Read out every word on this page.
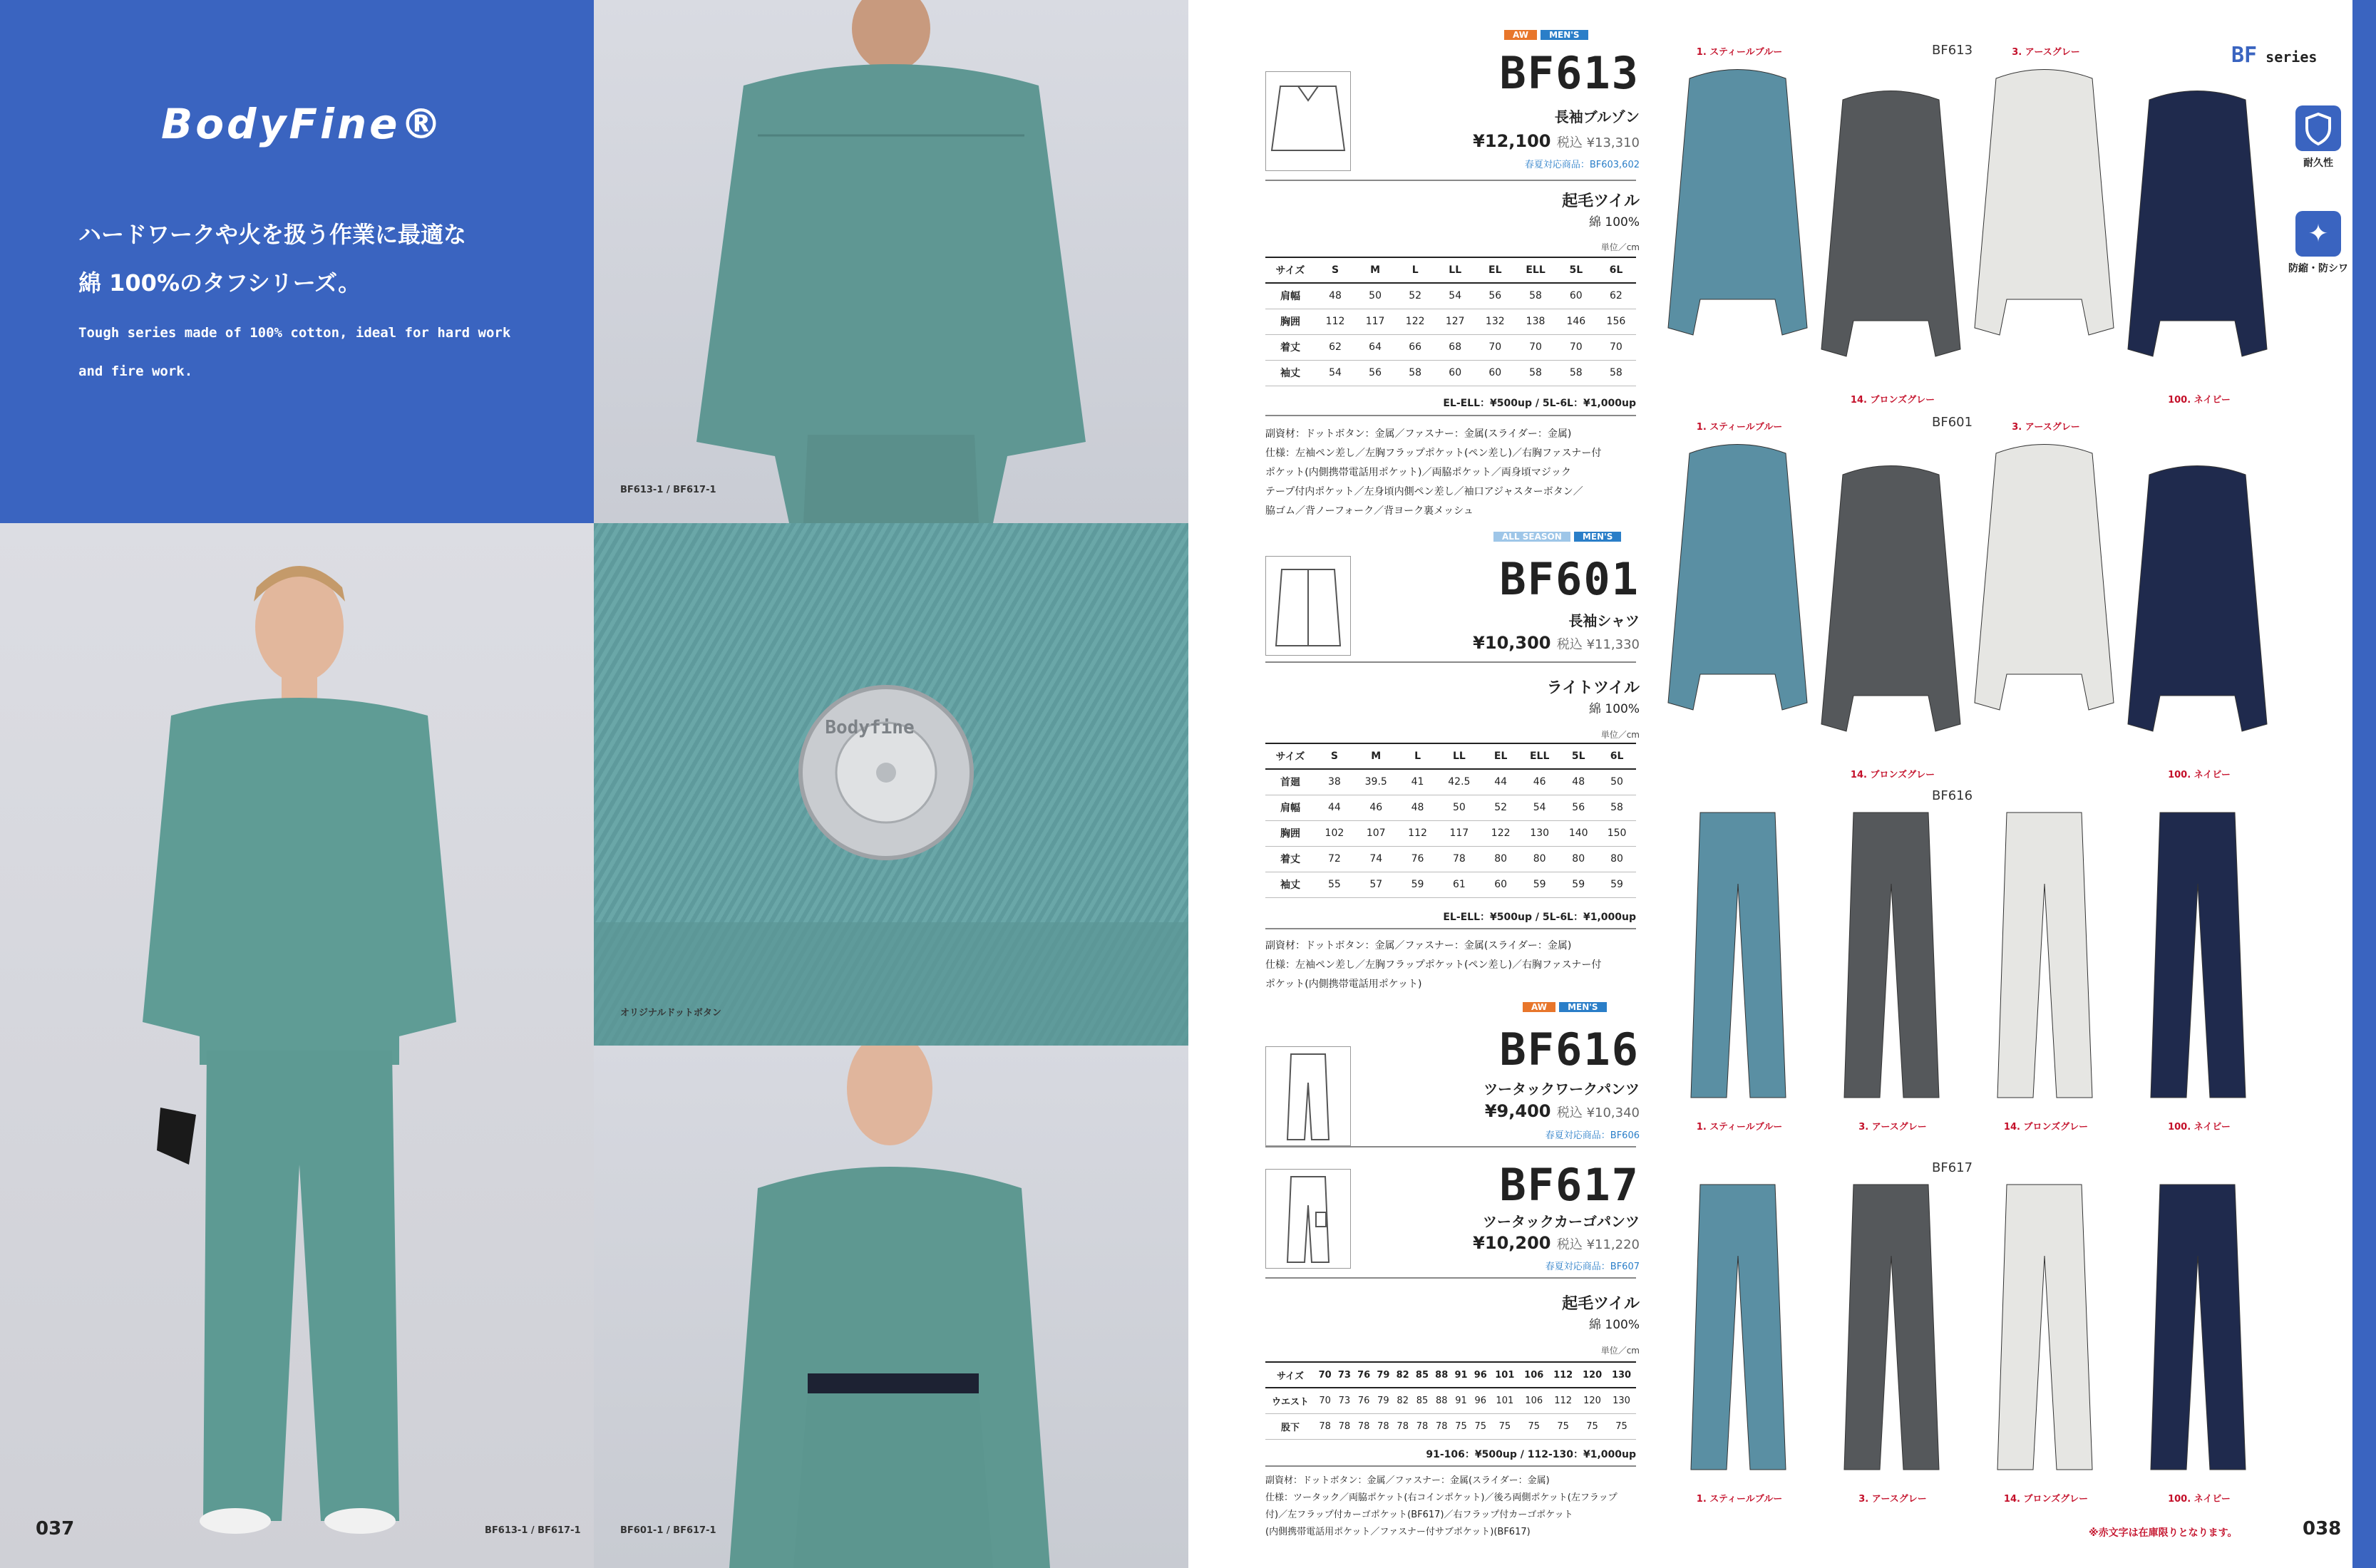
BodyFine®
ハードワークや火を扱う作業に最適な
綿 100%のタフシリーズ。
Tough series made of 100% cotton, ideal for hard work
and fire work.
BF613-1 / BF617-1
037	BF613-1 / BF617-1
Bodyfine
オリジナルドットボタン
BF601-1 / BF617-1
BF series
耐久性
✦
防縮・防シワ
AW MEN'S
BF613
長袖ブルゾン
¥12,100 税込 ¥13,310
春夏対応商品：BF603,602
起毛ツイル
綿 100%
単位／cm
サイズ	S	M	L	LL	EL	ELL	5L	6L
肩幅	48	50	52	54	56	58	60	62
胸囲	112	117	122	127	132	138	146	156
着丈	62	64	66	68	70	70	70	70
袖丈	54	56	58	60	60	58	58	58
EL-ELL：¥500up / 5L-6L：¥1,000up
副資材：ドットボタン：金属／ファスナー：金属(スライダー：金属)
仕様：左袖ペン差し／左胸フラップポケット(ペン差し)／右胸ファスナー付
ポケット(内側携帯電話用ポケット)／両脇ポケット／両身頃マジック
テープ付内ポケット／左身頃内側ペン差し／袖口アジャスターボタン／
脇ゴム／背ノーフォーク／背ヨーク裏メッシュ
ALL SEASON MEN'S
BF601
長袖シャツ
¥10,300 税込 ¥11,330
ライトツイル
綿 100%
単位／cm
サイズ	S	M	L	LL	EL	ELL	5L	6L
首廻	38	39.5	41	42.5	44	46	48	50
肩幅	44	46	48	50	52	54	56	58
胸囲	102	107	112	117	122	130	140	150
着丈	72	74	76	78	80	80	80	80
袖丈	55	57	59	61	60	59	59	59
EL-ELL：¥500up / 5L-6L：¥1,000up
副資材：ドットボタン：金属／ファスナー：金属(スライダー：金属)
仕様：左袖ペン差し／左胸フラップポケット(ペン差し)／右胸ファスナー付
ポケット(内側携帯電話用ポケット)
AW MEN'S
BF616
ツータックワークパンツ
¥9,400 税込 ¥10,340
春夏対応商品：BF606
BF617
ツータックカーゴパンツ
¥10,200 税込 ¥11,220
春夏対応商品：BF607
起毛ツイル
綿 100%
単位／cm
サイズ	70	73	76	79	82	85	88	91	96	101	106	112	120	130
ウエスト	70	73	76	79	82	85	88	91	96	101	106	112	120	130
股下	78	78	78	78	78	78	78	75	75	75	75	75	75	75
91-106：¥500up / 112-130：¥1,000up
副資材：ドットボタン：金属／ファスナー：金属(スライダー：金属)
仕様：ツータック／両脇ポケット(右コインポケット)／後ろ両側ポケット(左フラップ
付)／左フラップ付カーゴポケット(BF617)／右フラップ付カーゴポケット
(内側携帯電話用ポケット／ファスナー付サブポケット)(BF617)
BF613
1. スティールブルー	3. アースグレー
14. ブロンズグレー	100. ネイビー
BF601
1. スティールブルー	3. アースグレー
14. ブロンズグレー	100. ネイビー
BF616
1. スティールブルー	3. アースグレー	14. ブロンズグレー	100. ネイビー
BF617
1. スティールブルー	3. アースグレー	14. ブロンズグレー	100. ネイビー
※赤文字は在庫限りとなります。	038
